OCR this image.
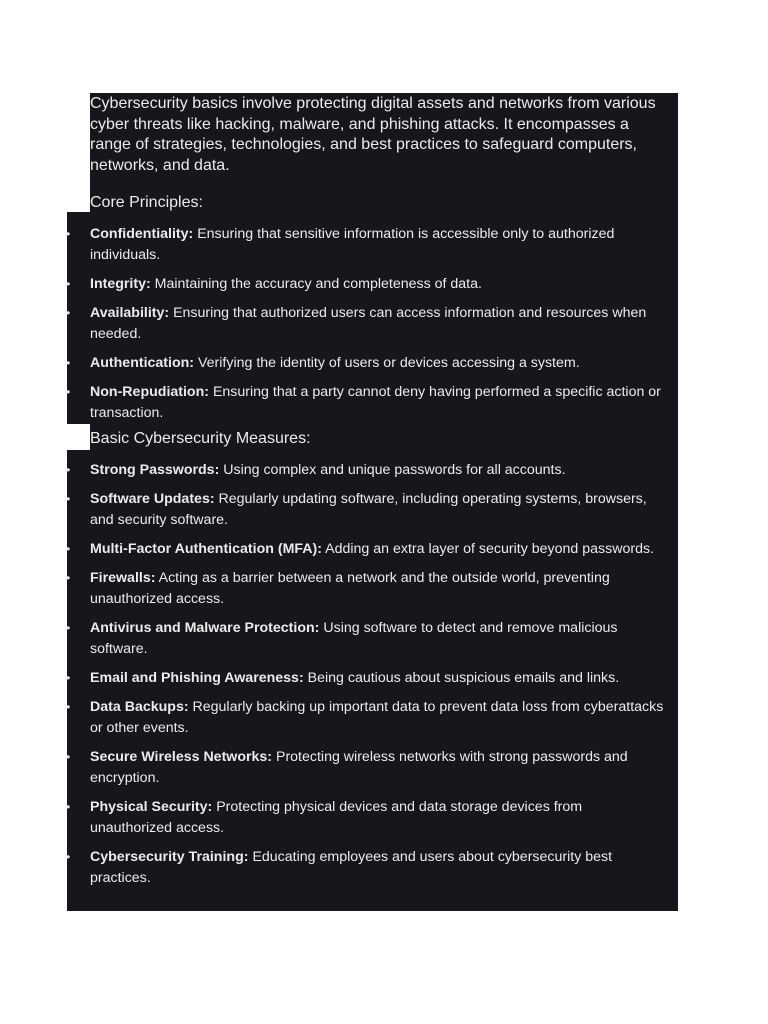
Cybersecurity basics involve protecting digital assets and networks from various cyber threats like hacking, malware, and phishing attacks. It encompasses a range of strategies, technologies, and best practices to safeguard computers, networks, and data.

Core Principles:
• Confidentiality: Ensuring that sensitive information is accessible only to authorized individuals.
• Integrity: Maintaining the accuracy and completeness of data.
• Availability: Ensuring that authorized users can access information and resources when needed.
• Authentication: Verifying the identity of users or devices accessing a system.
• Non-Repudiation: Ensuring that a party cannot deny having performed a specific action or transaction.
Basic Cybersecurity Measures:
• Strong Passwords: Using complex and unique passwords for all accounts.
• Software Updates: Regularly updating software, including operating systems, browsers, and security software.
• Multi-Factor Authentication (MFA): Adding an extra layer of security beyond passwords.
• Firewalls: Acting as a barrier between a network and the outside world, preventing unauthorized access.
• Antivirus and Malware Protection: Using software to detect and remove malicious software.
• Email and Phishing Awareness: Being cautious about suspicious emails and links.
• Data Backups: Regularly backing up important data to prevent data loss from cyberattacks or other events.
• Secure Wireless Networks: Protecting wireless networks with strong passwords and encryption.
• Physical Security: Protecting physical devices and data storage devices from unauthorized access.
• Cybersecurity Training: Educating employees and users about cybersecurity best practices.
